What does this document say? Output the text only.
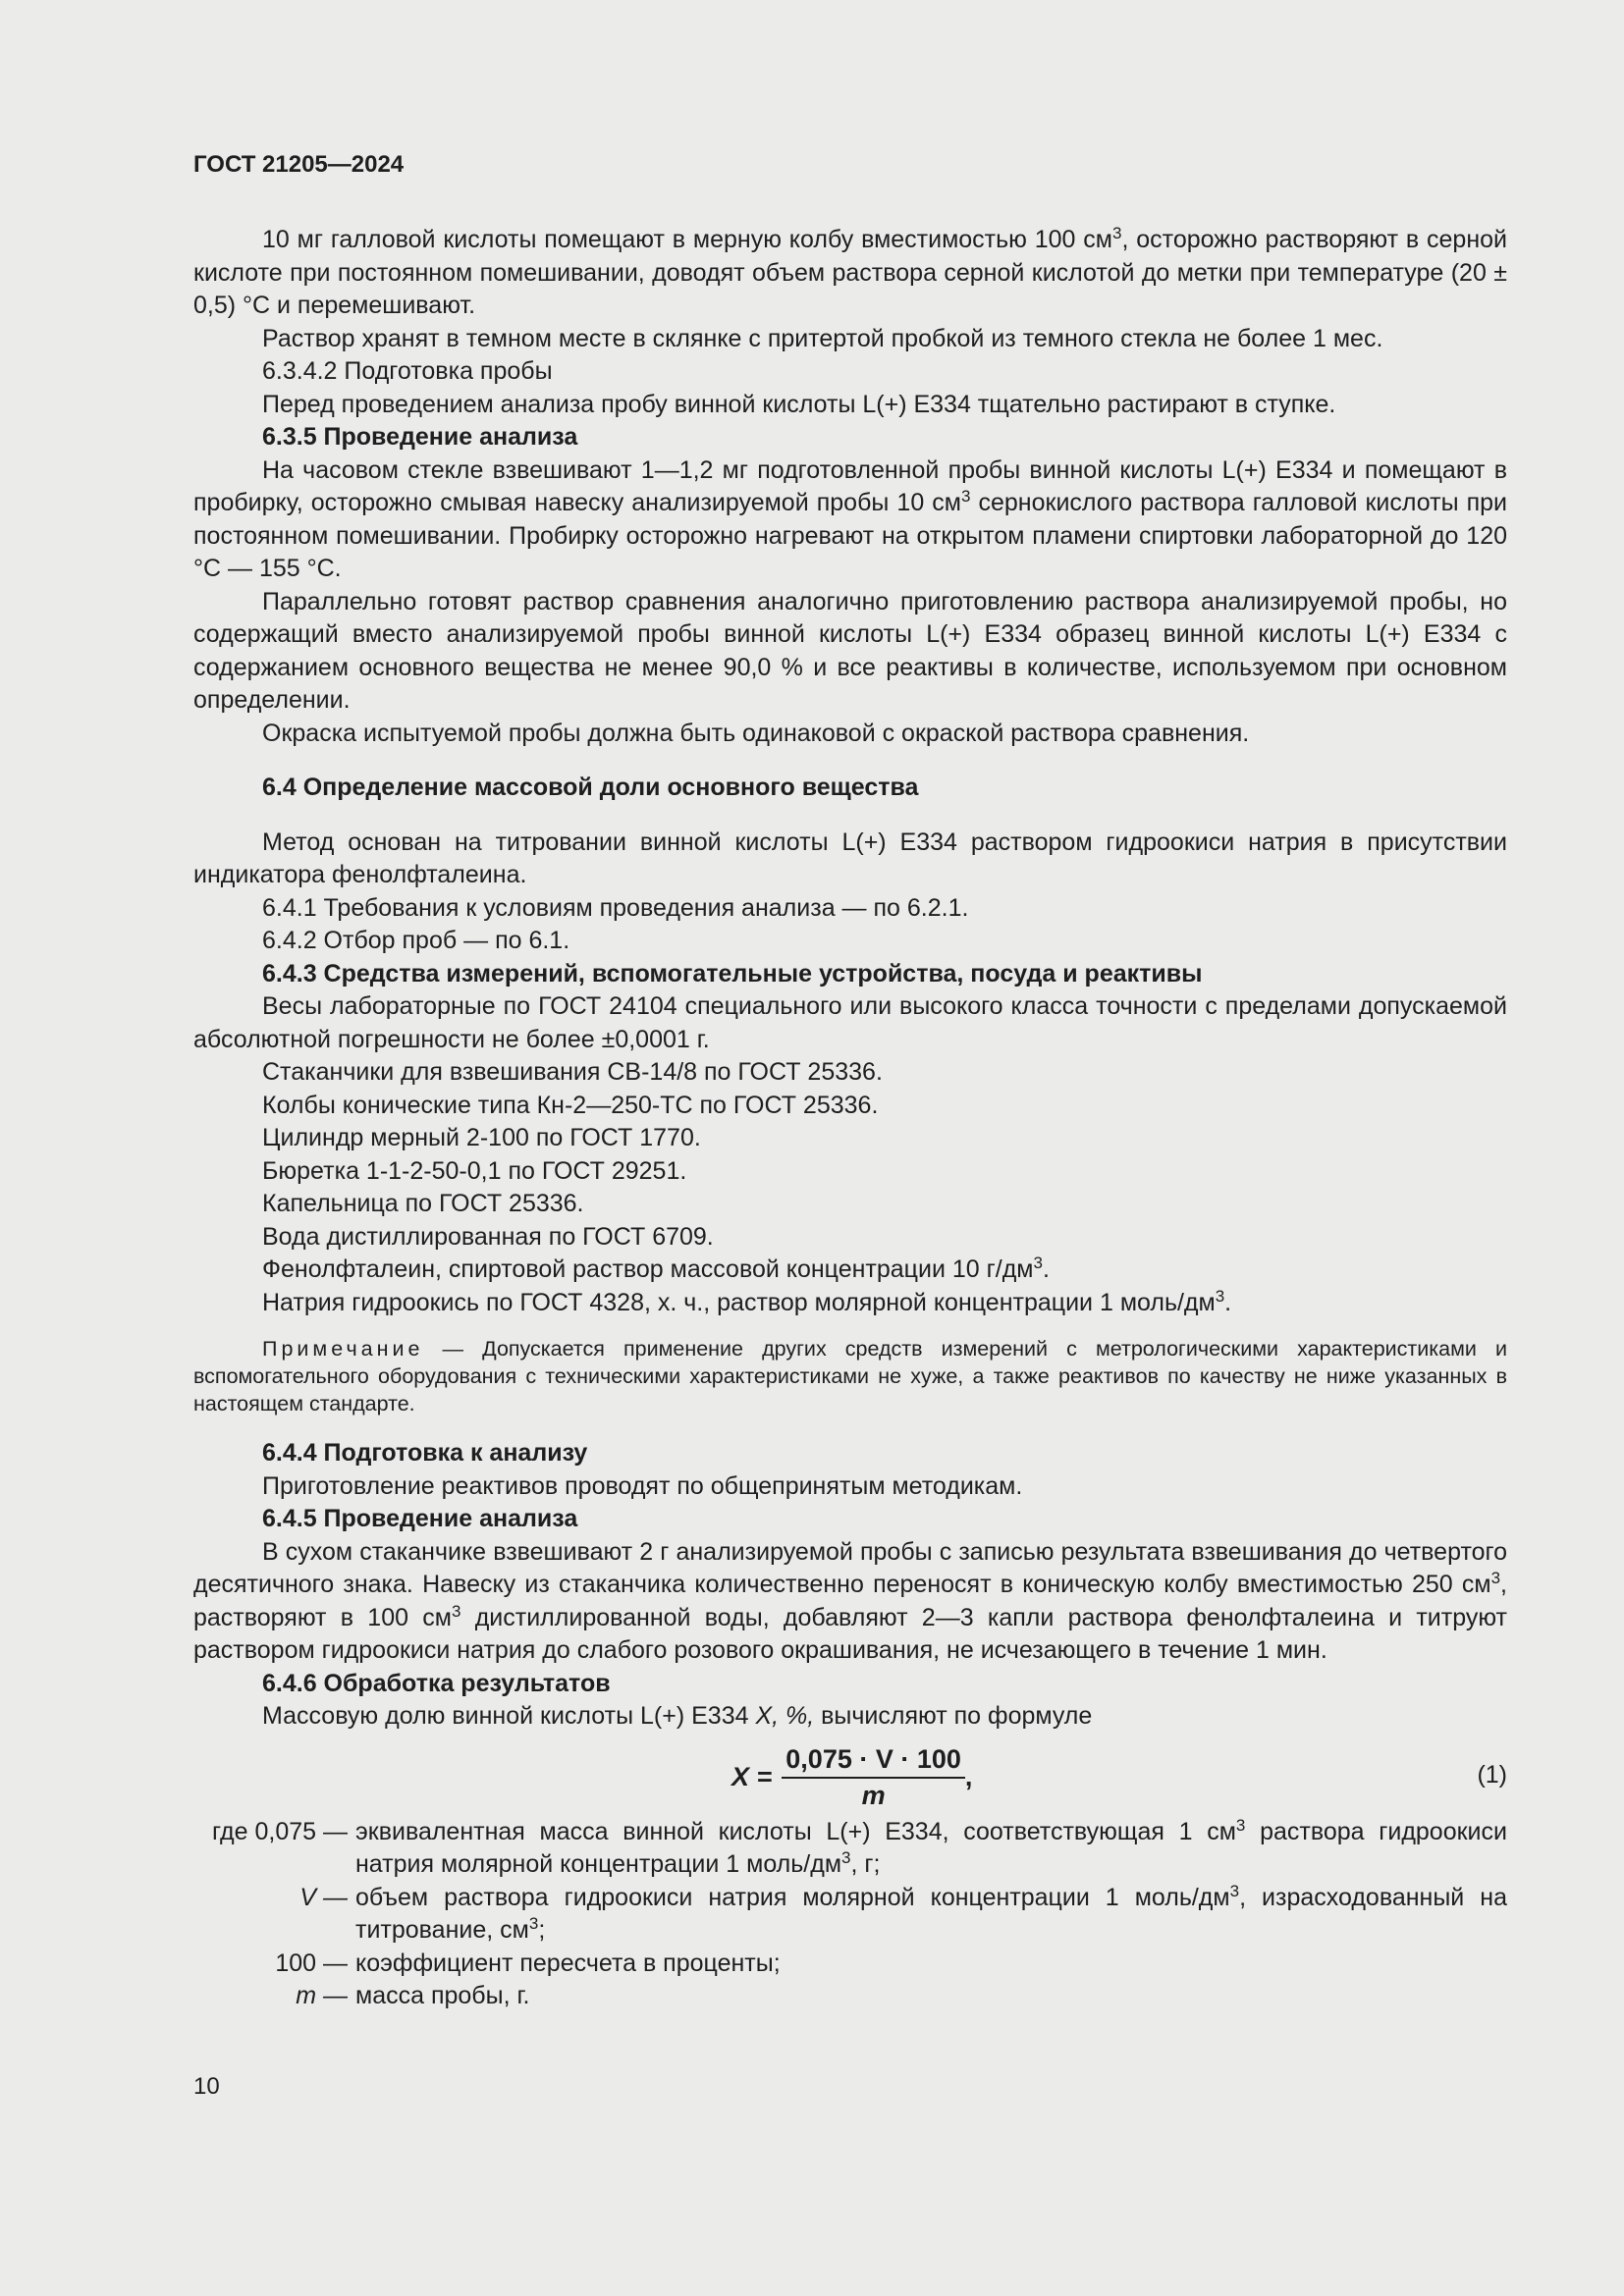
ГОСТ 21205—2024

10 мг галловой кислоты помещают в мерную колбу вместимостью 100 $см^3$, осторожно растворяют в серной кислоте при постоянном помешивании, доводят объем раствора серной кислотой до метки при температуре (20 ± 0,5) °С и перемешивают.

Раствор хранят в темном месте в склянке с притертой пробкой из темного стекла не более 1 мес.

6.3.4.2 Подготовка пробы

Перед проведением анализа пробу винной кислоты L(+) Е334 тщательно растирают в ступке.

6.3.5 Проведение анализа

На часовом стекле взвешивают 1—1,2 мг подготовленной пробы винной кислоты L(+) Е334 и помещают в пробирку, осторожно смывая навеску анализируемой пробы 10 $см^3$ сернокислого раствора галловой кислоты при постоянном помешивании. Пробирку осторожно нагревают на открытом пламени спиртовки лабораторной до 120 °С — 155 °С.

Параллельно готовят раствор сравнения аналогично приготовлению раствора анализируемой пробы, но содержащий вместо анализируемой пробы винной кислоты L(+) Е334 образец винной кислоты L(+) Е334 с содержанием основного вещества не менее 90,0 % и все реактивы в количестве, используемом при основном определении.

Окраска испытуемой пробы должна быть одинаковой с окраской раствора сравнения.

6.4 Определение массовой доли основного вещества

Метод основан на титровании винной кислоты L(+) Е334 раствором гидроокиси натрия в присутствии индикатора фенолфталеина.

6.4.1 Требования к условиям проведения анализа — по 6.2.1.

6.4.2 Отбор проб — по 6.1.

6.4.3 Средства измерений, вспомогательные устройства, посуда и реактивы

Весы лабораторные по ГОСТ 24104 специального или высокого класса точности с пределами допускаемой абсолютной погрешности не более ±0,0001 г.

Стаканчики для взвешивания СВ-14/8 по ГОСТ 25336.

Колбы конические типа Кн-2—250-ТС по ГОСТ 25336.

Цилиндр мерный 2-100 по ГОСТ 1770.

Бюретка 1-1-2-50-0,1 по ГОСТ 29251.

Капельница по ГОСТ 25336.

Вода дистиллированная по ГОСТ 6709.

Фенолфталеин, спиртовой раствор массовой концентрации 10 $г/дм^3$.

Натрия гидроокись по ГОСТ 4328, х. ч., раствор молярной концентрации 1 моль/$дм^3$.

Примечание — Допускается применение других средств измерений с метрологическими характеристиками и вспомогательного оборудования с техническими характеристиками не хуже, а также реактивов по качеству не ниже указанных в настоящем стандарте.

6.4.4 Подготовка к анализу

Приготовление реактивов проводят по общепринятым методикам.

6.4.5 Проведение анализа

В сухом стаканчике взвешивают 2 г анализируемой пробы с записью результата взвешивания до четвертого десятичного знака. Навеску из стаканчика количественно переносят в коническую колбу вместимостью 250 $см^3$, растворяют в 100 $см^3$ дистиллированной воды, добавляют 2—3 капли раствора фенолфталеина и титруют раствором гидроокиси натрия до слабого розового окрашивания, не исчезающего в течение 1 мин.

6.4.6 Обработка результатов

Массовую долю винной кислоты L(+) Е334 X, %, вычисляют по формуле

$X = \frac{0,075 \cdot V \cdot 100}{m}$ ,	(1)
где 0,075 — эквивалентная масса винной кислоты L(+) Е334, соответствующая 1 $см^3$ раствора гидроокиси натрия молярной концентрации 1 моль/$дм^3$, г;
V — объем раствора гидроокиси натрия молярной концентрации 1 моль/$дм^3$, израсходованный на титрование, $см^3$;
100 — коэффициент пересчета в проценты;
m — масса пробы, г.
10
